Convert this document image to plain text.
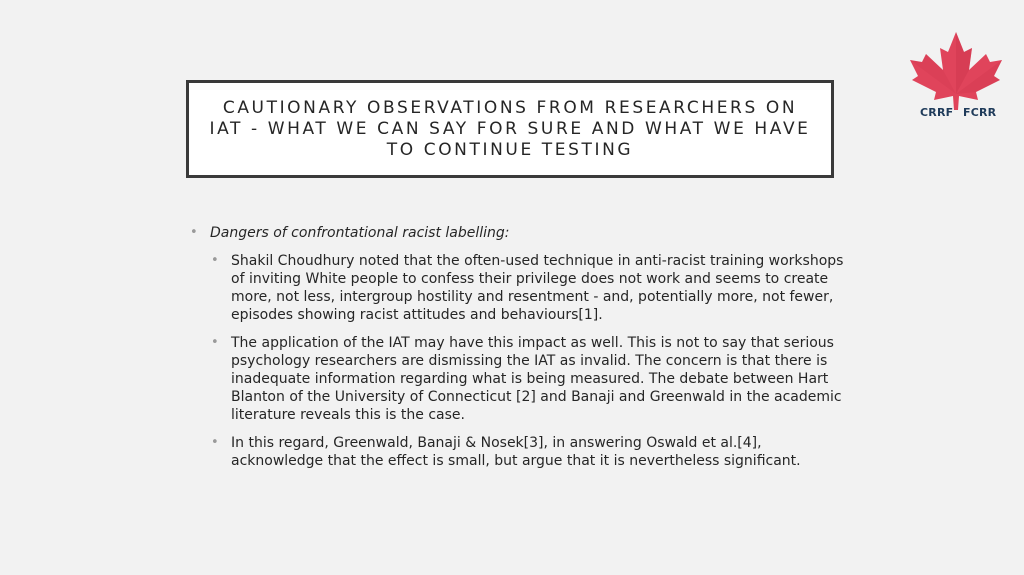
CAUTIONARY OBSERVATIONS FROM RESEARCHERS ON IAT - WHAT WE CAN SAY FOR SURE AND WHAT WE HAVE TO CONTINUE TESTING

CRRF FCRR
• Dangers of confrontational racist labelling:
• Shakil Choudhury noted that the often-used technique in anti-racist training workshops of inviting White people to confess their privilege does not work and seems to create more, not less, intergroup hostility and resentment - and, potentially more, not fewer, episodes showing racist attitudes and behaviours[1].
• The application of the IAT may have this impact as well. This is not to say that serious psychology researchers are dismissing the IAT as invalid. The concern is that there is inadequate information regarding what is being measured. The debate between Hart Blanton of the University of Connecticut [2] and Banaji and Greenwald in the academic literature reveals this is the case.
• In this regard, Greenwald, Banaji & Nosek[3], in answering Oswald et al.[4], acknowledge that the effect is small, but argue that it is nevertheless significant.
